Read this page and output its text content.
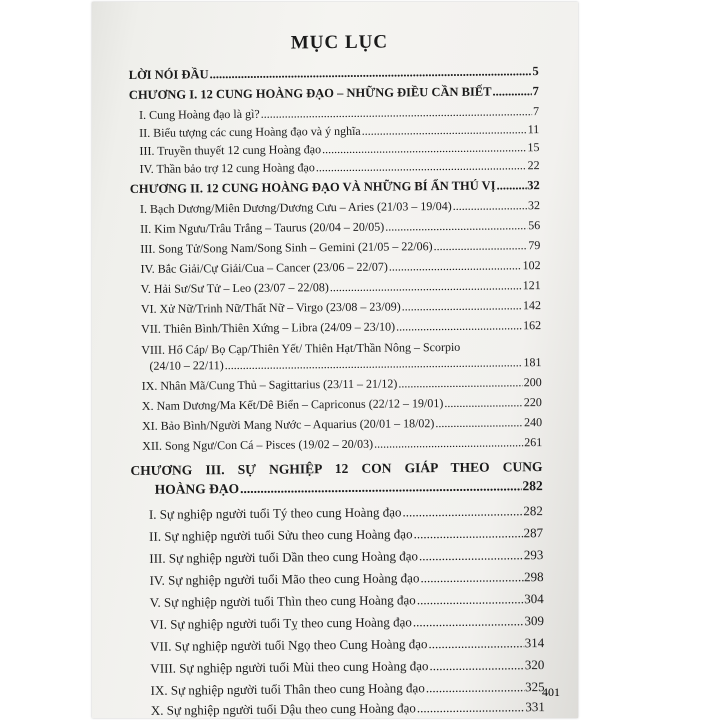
MỤC LỤC
LỜI NÓI ĐẦU .....	5
CHƯƠNG I. 12 CUNG HOÀNG ĐẠO – NHỮNG ĐIỀU CẦN BIẾT .....	7
I. Cung Hoàng đạo là gì? .....	7
II. Biểu tượng các cung Hoàng đạo và ý nghĩa .....	11
III. Truyền thuyết 12 cung Hoàng đạo .....	15
IV. Thần bảo trợ 12 cung Hoàng đạo .....	22
CHƯƠNG II. 12 CUNG HOÀNG ĐẠO VÀ NHỮNG BÍ ẨN THÚ VỊ .....	32
I. Bạch Dương/Miên Dương/Dương Cưu – Aries (21/03 – 19/04) .....	32
II. Kim Ngưu/Trâu Trắng – Taurus (20/04 – 20/05) .....	56
III. Song Tử/Song Nam/Song Sinh – Gemini (21/05 – 22/06) .....	79
IV. Bắc Giải/Cự Giải/Cua – Cancer (23/06 – 22/07) .....	102
V. Hải Sư/Sư Tử – Leo (23/07 – 22/08) .....	121
VI. Xử Nữ/Trinh Nữ/Thất Nữ – Virgo (23/08 – 23/09) .....	142
VII. Thiên Bình/Thiên Xứng – Libra (24/09 – 23/10) .....	162
VIII. Hổ Cáp/ Bọ Cạp/Thiên Yết/ Thiên Hạt/Thần Nông – Scorpio
(24/10 – 22/11) .....	181
IX. Nhân Mã/Cung Thủ – Sagittarius (23/11 – 21/12) .....	200
X. Nam Dương/Ma Kết/Dê Biển – Capriconus (22/12 – 19/01) .....	220
XI. Bảo Bình/Người Mang Nước – Aquarius (20/01 – 18/02) .....	240
XII. Song Ngư/Con Cá – Pisces (19/02 – 20/03) .....	261
CHƯƠNG III. SỰ NGHIỆP 12 CON GIÁP THEO CUNG
HOÀNG ĐẠO .....	282
I. Sự nghiệp người tuổi Tý theo cung Hoàng đạo .....	282
II. Sự nghiệp người tuổi Sửu theo cung Hoàng đạo .....	287
III. Sự nghiệp người tuổi Dần theo cung Hoàng đạo .....	293
IV. Sự nghiệp người tuổi Mão theo cung Hoàng đạo .....	298
V. Sự nghiệp người tuổi Thìn theo cung Hoàng đạo .....	304
VI. Sự nghiệp người tuổi Tỵ theo cung Hoàng đạo .....	309
VII. Sự nghiệp người tuổi Ngọ theo Cung Hoàng đạo .....	314
VIII. Sự nghiệp người tuổi Mùi theo cung Hoàng đạo .....	320
IX. Sự nghiệp người tuổi Thân theo cung Hoàng đạo .....	325
X. Sự nghiệp người tuổi Dậu theo cung Hoàng đạo .....	331
401
